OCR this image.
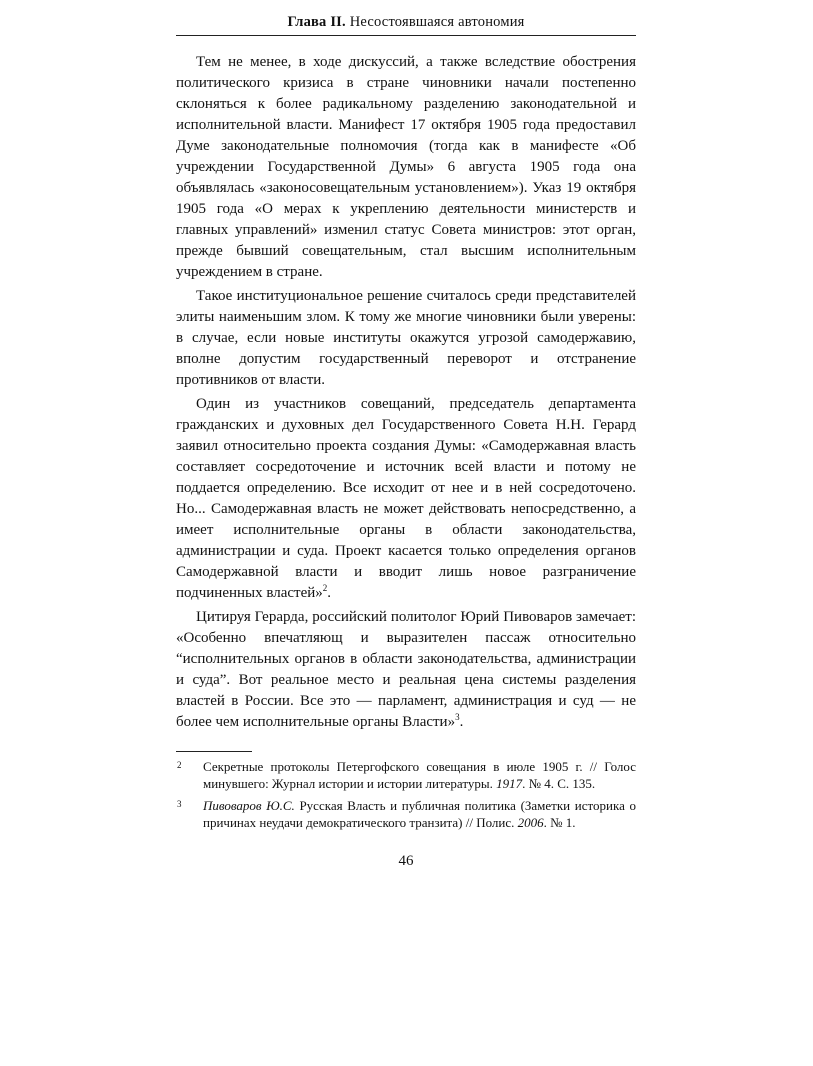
Глава II. Несостоявшаяся автономия

Тем не менее, в ходе дискуссий, а также вследствие обострения политического кризиса в стране чиновники начали постепенно склоняться к более радикальному разделению законодательной и исполнительной власти. Манифест 17 октября 1905 года предоставил Думе законодательные полномочия (тогда как в манифесте «Об учреждении Государственной Думы» 6 августа 1905 года она объявлялась «законосовещательным установлением»). Указ 19 октября 1905 года «О мерах к укреплению деятельности министерств и главных управлений» изменил статус Совета министров: этот орган, прежде бывший совещательным, стал высшим исполнительным учреждением в стране.

Такое институциональное решение считалось среди представителей элиты наименьшим злом. К тому же многие чиновники были уверены: в случае, если новые институты окажутся угрозой самодержавию, вполне допустим государственный переворот и отстранение противников от власти.

Один из участников совещаний, председатель департамента гражданских и духовных дел Государственного Совета Н.Н. Герард заявил относительно проекта создания Думы: «Самодержавная власть составляет сосредоточение и источник всей власти и потому не поддается определению. Все исходит от нее и в ней сосредоточено. Но... Самодержавная власть не может действовать непосредственно, а имеет исполнительные органы в области законодательства, администрации и суда. Проект касается только определения органов Самодержавной власти и вводит лишь новое разграничение подчиненных властей»$^2$.

Цитируя Герарда, российский политолог Юрий Пивоваров замечает: «Особенно впечатляющ и выразителен пассаж относительно “исполнительных органов в области законодательства, администрации и суда”. Вот реальное место и реальная цена системы разделения властей в России. Все это — парламент, администрация и суд — не более чем исполнительные органы Власти»$^3$.

2	Секретные протоколы Петергофского совещания в июле 1905 г. // Голос минувшего: Журнал истории и истории литературы. 1917. № 4. С. 135.
3	Пивоваров Ю.С. Русская Власть и публичная политика (Заметки историка о причинах неудачи демократического транзита) // Полис. 2006. № 1.
46
